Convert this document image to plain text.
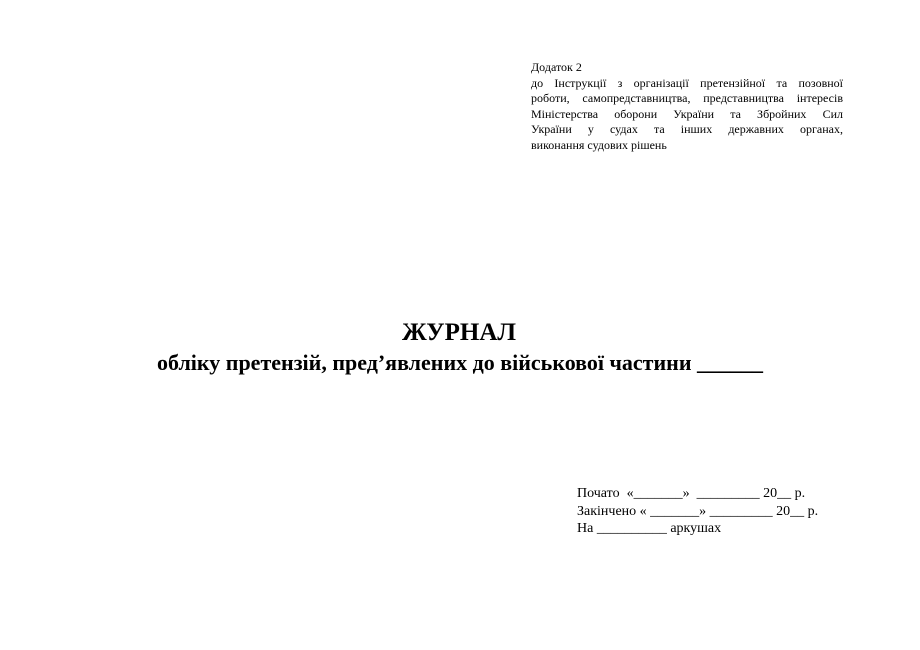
Додаток 2
до Інструкції з організації претензійної та позовної
роботи, самопредставництва, представництва інтересів
Міністерства оборони України та Збройних Сил
України у судах та інших державних органах,
виконання судових рішень
ЖУРНАЛ
обліку претензій, пред’явлених до військової частини ______
Почато  «_______»  _________ 20__ р.
Закінчено « _______» _________ 20__ р.
На __________ аркушах
